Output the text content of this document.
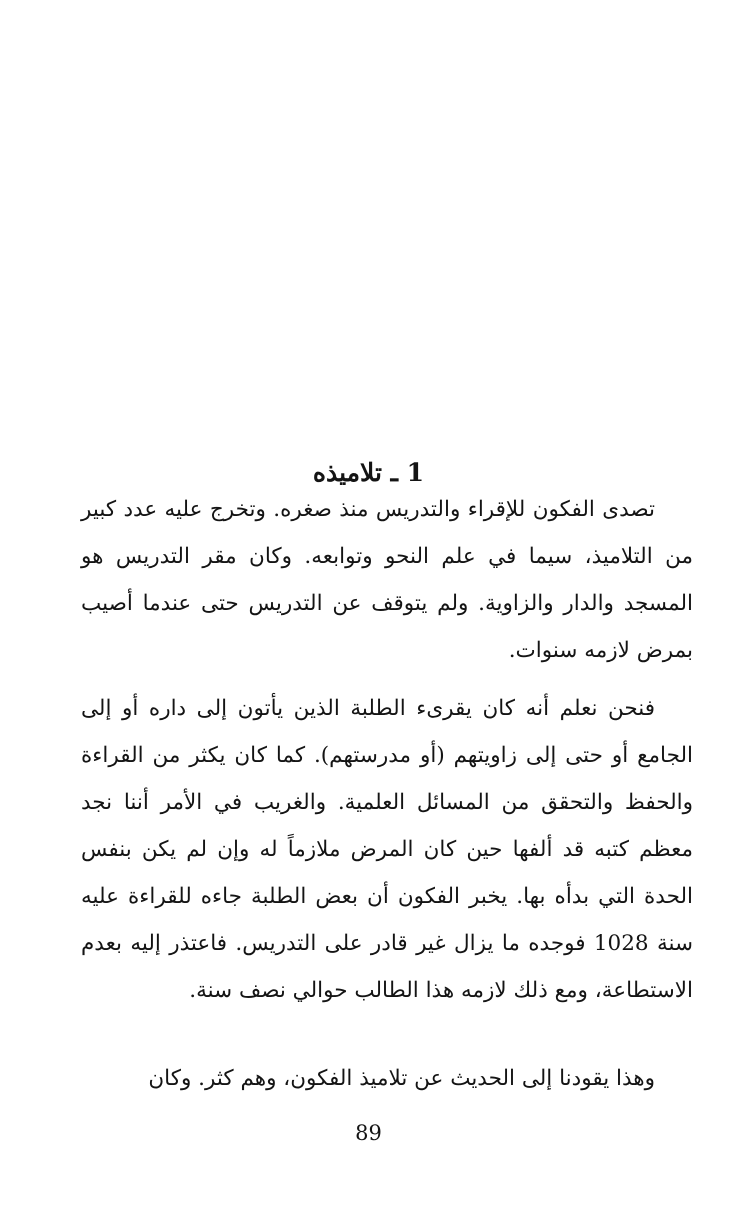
1 ـ تلاميذه

تصدى الفكون للإقراء والتدريس منذ صغره. وتخرج عليه عدد كبير من التلاميذ، سيما في علم النحو وتوابعه. وكان مقر التدريس هو المسجد والدار والزاوية. ولم يتوقف عن التدريس حتى عندما أصيب بمرض لازمه سنوات.

فنحن نعلم أنه كان يقرىء الطلبة الذين يأتون إلى داره أو إلى الجامع أو حتى إلى زاويتهم (أو مدرستهم). كما كان يكثر من القراءة والحفظ والتحقق من المسائل العلمية. والغريب في الأمر أننا نجد معظم كتبه قد ألفها حين كان المرض ملازماً له وإن لم يكن بنفس الحدة التي بدأه بها. يخبر الفكون أن بعض الطلبة جاءه للقراءة عليه سنة 1028 فوجده ما يزال غير قادر على التدريس. فاعتذر إليه بعدم الاستطاعة، ومع ذلك لازمه هذا الطالب حوالي نصف سنة.

وهذا يقودنا إلى الحديث عن تلاميذ الفكون، وهم كثر. وكان

89
